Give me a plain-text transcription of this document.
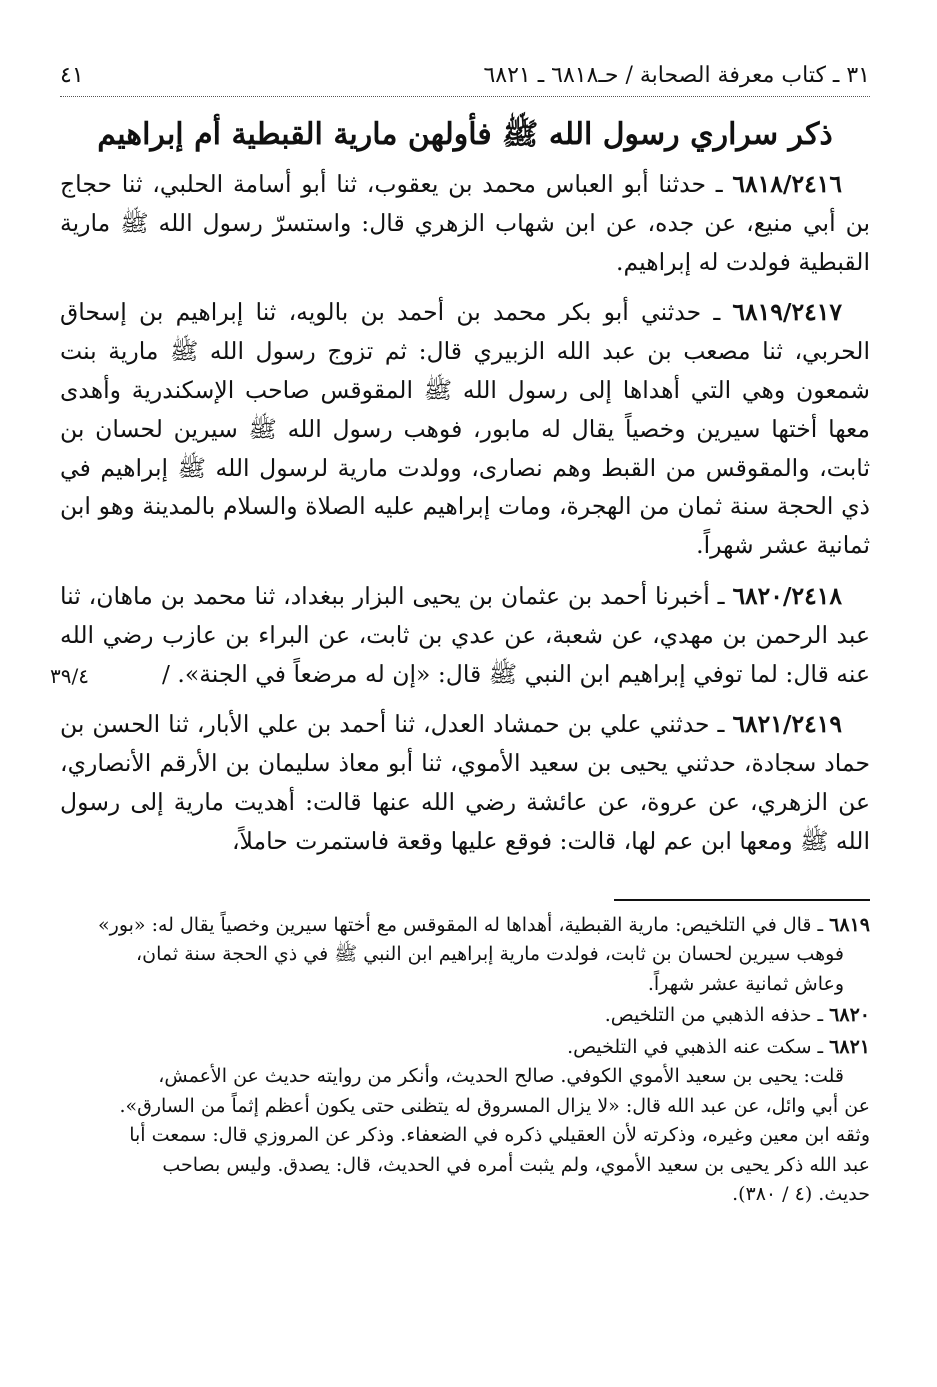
٣١ ـ كتاب معرفة الصحابة / حـ٦٨١٨ ـ ٦٨٢١
٤١
ذكر سراري رسول الله ﷺ فأولهن مارية القبطية أم إبراهيم

٦٨١٨/٢٤١٦ ـ حدثنا أبو العباس محمد بن يعقوب، ثنا أبو أسامة الحلبي، ثنا حجاج بن أبي منيع، عن جده، عن ابن شهاب الزهري قال: واستسرّ رسول الله ﷺ مارية القبطية فولدت له إبراهيم.

٦٨١٩/٢٤١٧ ـ حدثني أبو بكر محمد بن أحمد بن بالويه، ثنا إبراهيم بن إسحاق الحربي، ثنا مصعب بن عبد الله الزبيري قال: ثم تزوج رسول الله ﷺ مارية بنت شمعون وهي التي أهداها إلى رسول الله ﷺ المقوقس صاحب الإسكندرية وأهدى معها أختها سيرين وخصياً يقال له مابور، فوهب رسول الله ﷺ سيرين لحسان بن ثابت، والمقوقس من القبط وهم نصارى، وولدت مارية لرسول الله ﷺ إبراهيم في ذي الحجة سنة ثمان من الهجرة، ومات إبراهيم عليه الصلاة والسلام بالمدينة وهو ابن ثمانية عشر شهراً.

٦٨٢٠/٢٤١٨ ـ أخبرنا أحمد بن عثمان بن يحيى البزار ببغداد، ثنا محمد بن ماهان، ثنا عبد الرحمن بن مهدي، عن شعبة، عن عدي بن ثابت، عن البراء بن عازب رضي الله عنه قال: لما توفي إبراهيم ابن النبي ﷺ قال: «إن له مرضعاً في الجنة». /
٣٩/٤

٦٨٢١/٢٤١٩ ـ حدثني علي بن حمشاد العدل، ثنا أحمد بن علي الأبار، ثنا الحسن بن حماد سجادة، حدثني يحيى بن سعيد الأموي، ثنا أبو معاذ سليمان بن الأرقم الأنصاري، عن الزهري، عن عروة، عن عائشة رضي الله عنها قالت: أهديت مارية إلى رسول الله ﷺ ومعها ابن عم لها، قالت: فوقع عليها وقعة فاستمرت حاملاً،

٦٨١٩ ـ قال في التلخيص: مارية القبطية، أهداها له المقوقس مع أختها سيرين وخصياً يقال له: «بور»
فوهب سيرين لحسان بن ثابت، فولدت مارية إبراهيم ابن النبي ﷺ في ذي الحجة سنة ثمان،
وعاش ثمانية عشر شهراً.
٦٨٢٠ ـ حذفه الذهبي من التلخيص.
٦٨٢١ ـ سكت عنه الذهبي في التلخيص.
قلت: يحيى بن سعيد الأموي الكوفي. صالح الحديث، وأنكر من روايته حديث عن الأعمش،
عن أبي وائل، عن عبد الله قال: «لا يزال المسروق له يتظنى حتى يكون أعظم إثماً من السارق».
وثقه ابن معين وغيره، وذكرته لأن العقيلي ذكره في الضعفاء. وذكر عن المروزي قال: سمعت أبا
عبد الله ذكر يحيى بن سعيد الأموي، ولم يثبت أمره في الحديث، قال: يصدق. وليس بصاحب
حديث. (٤ / ٣٨٠).
